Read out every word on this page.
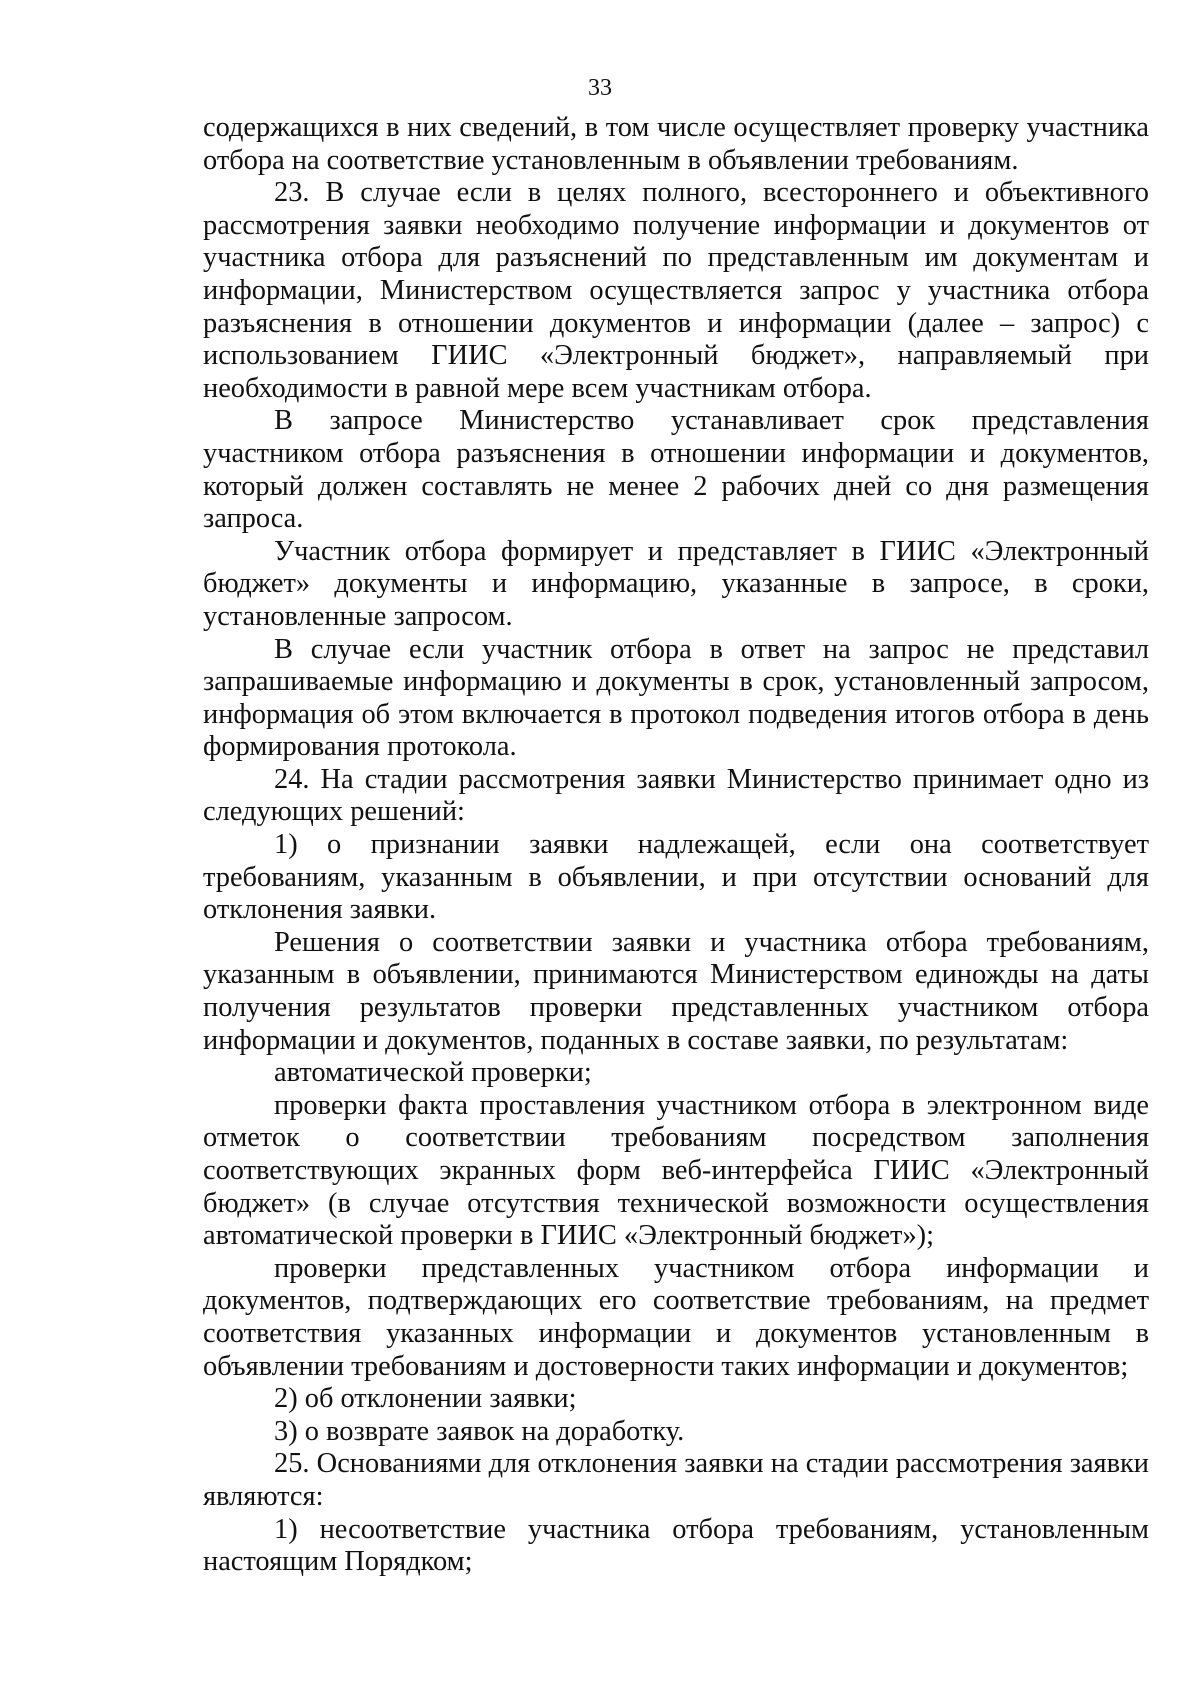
33

содержащихся в них сведений, в том числе осуществляет проверку участника отбора на соответствие установленным в объявлении требованиям.

23. В случае если в целях полного, всестороннего и объективного рассмотрения заявки необходимо получение информации и документов от участника отбора для разъяснений по представленным им документам и информации, Министерством осуществляется запрос у участника отбора разъяснения в отношении документов и информации (далее – запрос) с использованием ГИИС «Электронный бюджет», направляемый при необходимости в равной мере всем участникам отбора.

В запросе Министерство устанавливает срок представления участником отбора разъяснения в отношении информации и документов, который должен составлять не менее 2 рабочих дней со дня размещения запроса.

Участник отбора формирует и представляет в ГИИС «Электронный бюджет» документы и информацию, указанные в запросе, в сроки, установленные запросом.

В случае если участник отбора в ответ на запрос не представил запрашиваемые информацию и документы в срок, установленный запросом, информация об этом включается в протокол подведения итогов отбора в день формирования протокола.

24. На стадии рассмотрения заявки Министерство принимает одно из следующих решений:

1) о признании заявки надлежащей, если она соответствует требованиям, указанным в объявлении, и при отсутствии оснований для отклонения заявки.

Решения о соответствии заявки и участника отбора требованиям, указанным в объявлении, принимаются Министерством единожды на даты получения результатов проверки представленных участником отбора информации и документов, поданных в составе заявки, по результатам:

автоматической проверки;

проверки факта проставления участником отбора в электронном виде отметок о соответствии требованиям посредством заполнения соответствующих экранных форм веб-интерфейса ГИИС «Электронный бюджет» (в случае отсутствия технической возможности осуществления автоматической проверки в ГИИС «Электронный бюджет»);

проверки представленных участником отбора информации и документов, подтверждающих его соответствие требованиям, на предмет соответствия указанных информации и документов установленным в объявлении требованиям и достоверности таких информации и документов;

2) об отклонении заявки;

3) о возврате заявок на доработку.

25. Основаниями для отклонения заявки на стадии рассмотрения заявки являются:

1) несоответствие участника отбора требованиям, установленным настоящим Порядком;
